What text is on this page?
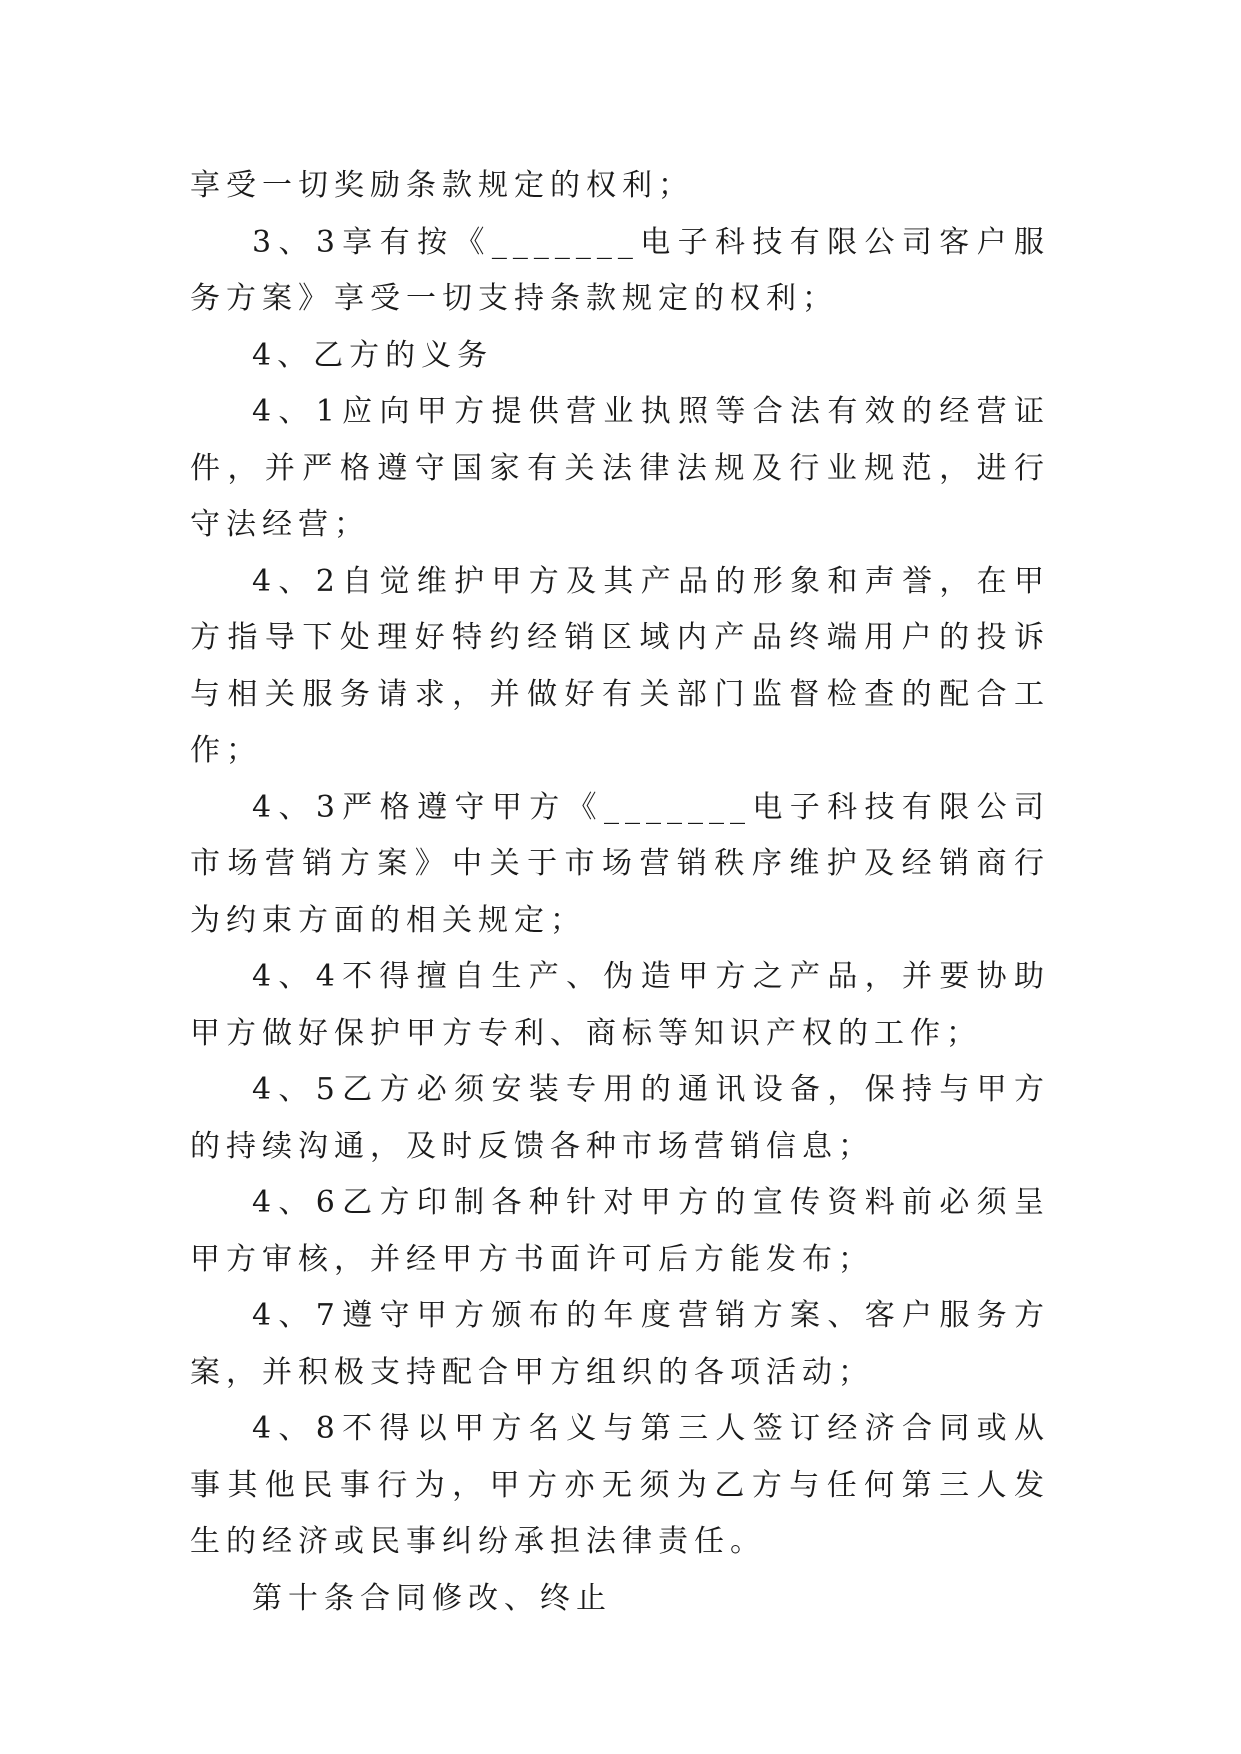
享受一切奖励条款规定的权利；

3、3享有按《_______电子科技有限公司客户服务方案》享受一切支持条款规定的权利；

4、乙方的义务

4、1应向甲方提供营业执照等合法有效的经营证件，并严格遵守国家有关法律法规及行业规范，进行守法经营；

4、2自觉维护甲方及其产品的形象和声誉，在甲方指导下处理好特约经销区域内产品终端用户的投诉与相关服务请求，并做好有关部门监督检查的配合工作；

4、3严格遵守甲方《_______电子科技有限公司市场营销方案》中关于市场营销秩序维护及经销商行为约束方面的相关规定；

4、4不得擅自生产、伪造甲方之产品，并要协助甲方做好保护甲方专利、商标等知识产权的工作；

4、5乙方必须安装专用的通讯设备，保持与甲方的持续沟通，及时反馈各种市场营销信息；

4、6乙方印制各种针对甲方的宣传资料前必须呈甲方审核，并经甲方书面许可后方能发布；

4、7遵守甲方颁布的年度营销方案、客户服务方案，并积极支持配合甲方组织的各项活动；

4、8不得以甲方名义与第三人签订经济合同或从事其他民事行为，甲方亦无须为乙方与任何第三人发生的经济或民事纠纷承担法律责任。

第十条合同修改、终止
